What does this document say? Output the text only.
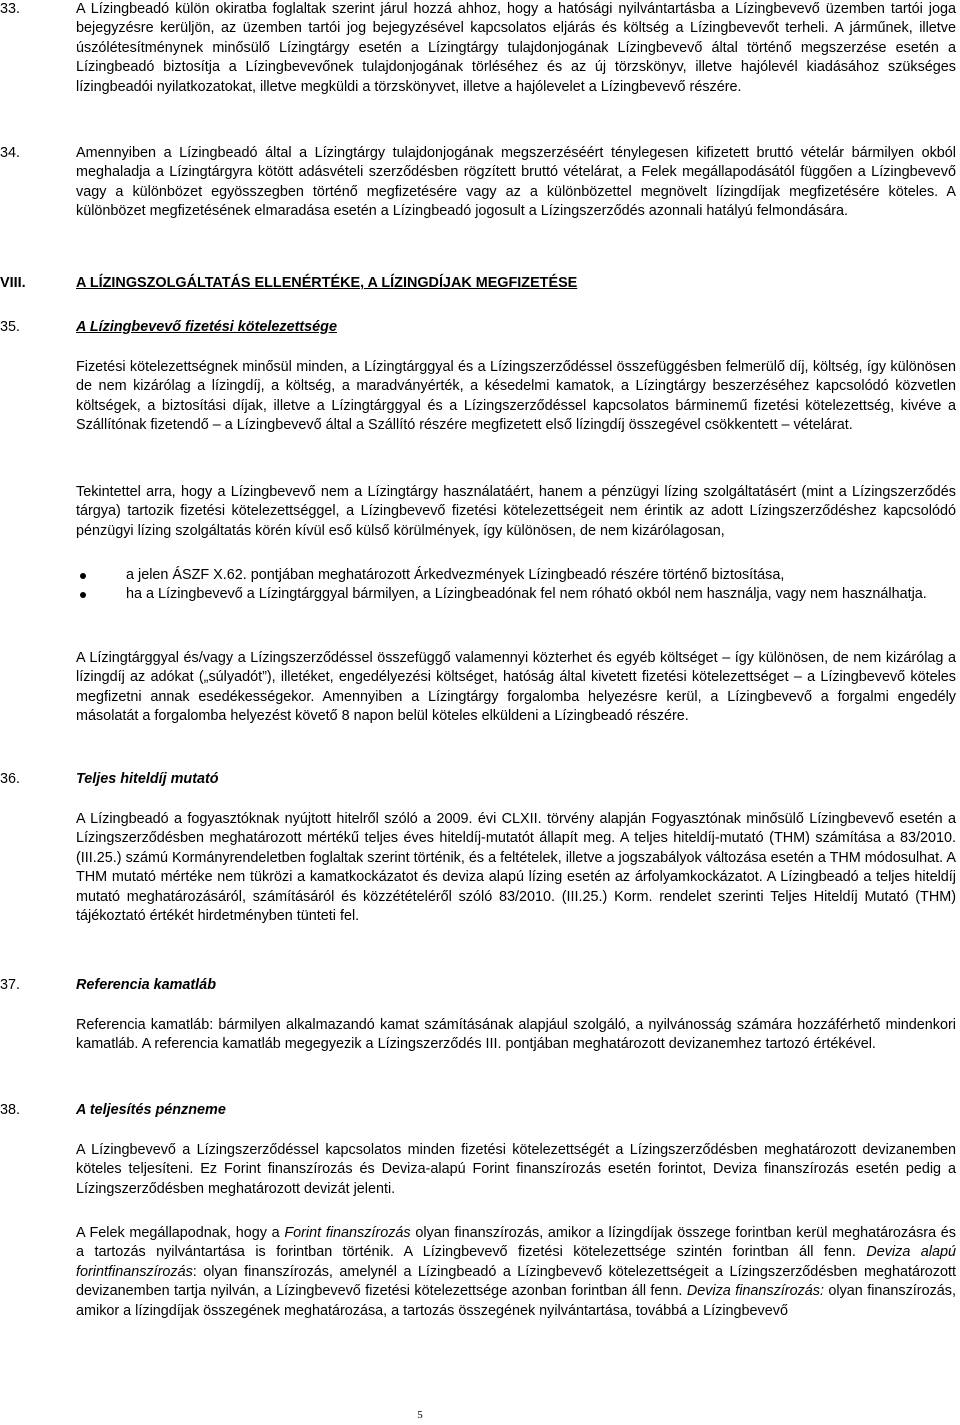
33.	A Lízingbeadó külön okiratba foglaltak szerint járul hozzá ahhoz, hogy a hatósági nyilvántartásba a Lízingbevevő üzemben tartói joga bejegyzésre kerüljön, az üzemben tartói jog bejegyzésével kapcsolatos eljárás és költség a Lízingbevevőt terheli. A járműnek, illetve úszólétesítménynek minősülő Lízingtárgy esetén a Lízingtárgy tulajdonjogának Lízingbevevő által történő megszerzése esetén a Lízingbeadó biztosítja a Lízingbevevőnek tulajdonjogának törléséhez és az új törzskönyv, illetve hajólevél kiadásához szükséges lízingbeadói nyilatkozatokat, illetve megküldi a törzskönyvet, illetve a hajólevelet a Lízingbevevő részére.

34.	Amennyiben a Lízingbeadó által a Lízingtárgy tulajdonjogának megszerzéséért ténylegesen kifizetett bruttó vételár bármilyen okból meghaladja a Lízingtárgyra kötött adásvételi szerződésben rögzített bruttó vételárat, a Felek megállapodásától függően a Lízingbevevő vagy a különbözet egyösszegben történő megfizetésére vagy az a különbözettel megnövelt lízingdíjak megfizetésére köteles. A különbözet megfizetésének elmaradása esetén a Lízingbeadó jogosult a Lízingszerződés azonnali hatályú felmondására.

VIII.	A LÍZINGSZOLGÁLTATÁS ELLENÉRTÉKE, A LÍZINGDÍJAK MEGFIZETÉSE
35.	A Lízingbevevő fizetési kötelezettsége

Fizetési kötelezettségnek minősül minden, a Lízingtárggyal és a Lízingszerződéssel összefüggésben felmerülő díj, költség, így különösen de nem kizárólag a lízingdíj, a költség, a maradványérték, a késedelmi kamatok, a Lízingtárgy beszerzéséhez kapcsolódó közvetlen költségek, a biztosítási díjak, illetve a Lízingtárggyal és a Lízingszerződéssel kapcsolatos bárminemű fizetési kötelezettség, kivéve a Szállítónak fizetendő – a Lízingbevevő által a Szállító részére megfizetett első lízingdíj összegével csökkentett – vételárat.

Tekintettel arra, hogy a Lízingbevevő nem a Lízingtárgy használatáért, hanem a pénzügyi lízing szolgáltatásért (mint a Lízingszerződés tárgya) tartozik fizetési kötelezettséggel, a Lízingbevevő fizetési kötelezettségeit nem érintik az adott Lízingszerződéshez kapcsolódó pénzügyi lízing szolgáltatás körén kívül eső külső körülmények, így különösen, de nem kizárólagosan,

a jelen ÁSZF X.62. pontjában meghatározott Árkedvezmények Lízingbeadó részére történő biztosítása,
ha a Lízingbevevő a Lízingtárggyal bármilyen, a Lízingbeadónak fel nem róható okból nem használja, vagy nem használhatja.

A Lízingtárggyal és/vagy a Lízingszerződéssel összefüggő valamennyi közterhet és egyéb költséget – így különösen, de nem kizárólag a lízingdíj az adókat („súlyadót”), illetéket, engedélyezési költséget, hatóság által kivetett fizetési kötelezettséget – a Lízingbevevő köteles megfizetni annak esedékességekor. Amennyiben a Lízingtárgy forgalomba helyezésre kerül, a Lízingbevevő a forgalmi engedély másolatát a forgalomba helyezést követő 8 napon belül köteles elküldeni a Lízingbeadó részére.

36.	Teljes hiteldíj mutató

A Lízingbeadó a fogyasztóknak nyújtott hitelről szóló a 2009. évi CLXII. törvény alapján Fogyasztónak minősülő Lízingbevevő esetén a Lízingszerződésben meghatározott mértékű teljes éves hiteldíj-mutatót állapít meg. A teljes hiteldíj-mutató (THM) számítása a 83/2010. (III.25.) számú Kormányrendeletben foglaltak szerint történik, és a feltételek, illetve a jogszabályok változása esetén a THM módosulhat. A THM mutató mértéke nem tükrözi a kamatkockázatot és deviza alapú lízing esetén az árfolyamkockázatot. A Lízingbeadó a teljes hiteldíj mutató meghatározásáról, számításáról és közzétételéről szóló 83/2010. (III.25.) Korm. rendelet szerinti Teljes Hiteldíj Mutató (THM) tájékoztató értékét hirdetményben tünteti fel.

37.	Referencia kamatláb

Referencia kamatláb: bármilyen alkalmazandó kamat számításának alapjául szolgáló, a nyilvánosság számára hozzáférhető mindenkori kamatláb. A referencia kamatláb megegyezik a Lízingszerződés III. pontjában meghatározott devizanemhez tartozó értékével.

38.	A teljesítés pénzneme

A Lízingbevevő a Lízingszerződéssel kapcsolatos minden fizetési kötelezettségét a Lízingszerződésben meghatározott devizanemben köteles teljesíteni. Ez Forint finanszírozás és Deviza-alapú Forint finanszírozás esetén forintot, Deviza finanszírozás esetén pedig a Lízingszerződésben meghatározott devizát jelenti.

A Felek megállapodnak, hogy a Forint finanszírozás olyan finanszírozás, amikor a lízingdíjak összege forintban kerül meghatározásra és a tartozás nyilvántartása is forintban történik. A Lízingbevevő fizetési kötelezettsége szintén forintban áll fenn. Deviza alapú forintfinanszírozás: olyan finanszírozás, amelynél a Lízingbeadó a Lízingbevevő kötelezettségeit a Lízingszerződésben meghatározott devizanemben tartja nyilván, a Lízingbevevő fizetési kötelezettsége azonban forintban áll fenn. Deviza finanszírozás: olyan finanszírozás, amikor a lízingdíjak összegének meghatározása, a tartozás összegének nyilvántartása, továbbá a Lízingbevevő

5
